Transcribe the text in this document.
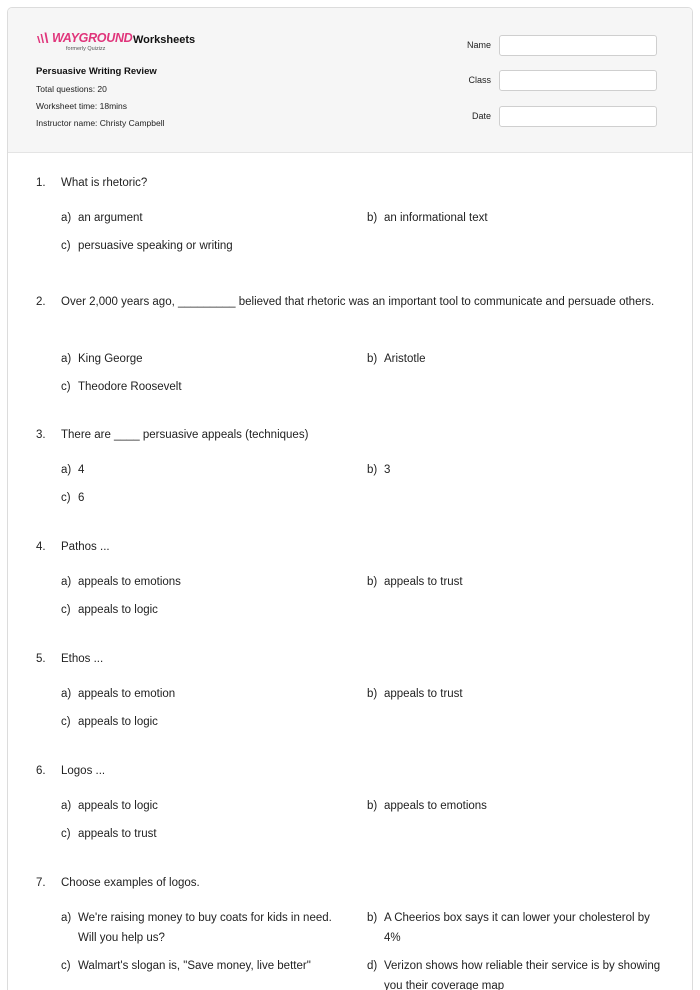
WAYGROUND
formerly Quizizz
Worksheets
Persuasive Writing Review
Total questions: 20
Worksheet time: 18mins
Instructor name: Christy Campbell
Name
Class
Date
1.	What is rhetoric?
a) an argument	b) an informational text
c) persuasive speaking or writing
2.	Over 2,000 years ago, _________ believed that rhetoric was an important tool to communicate and persuade others.
a) King George	b) Aristotle
c) Theodore Roosevelt
3.	There are ____ persuasive appeals (techniques)
a) 4	b) 3
c) 6
4.	Pathos ...
a) appeals to emotions	b) appeals to trust
c) appeals to logic
5.	Ethos ...
a) appeals to emotion	b) appeals to trust
c) appeals to logic
6.	Logos ...
a) appeals to logic	b) appeals to emotions
c) appeals to trust
7.	Choose examples of logos.
a) We're raising money to buy coats for kids in need. Will you help us?
b) A Cheerios box says it can lower your cholesterol by 4%
c) Walmart's slogan is, "Save money, live better"	d) Verizon shows how reliable their service is by showing you their coverage map
